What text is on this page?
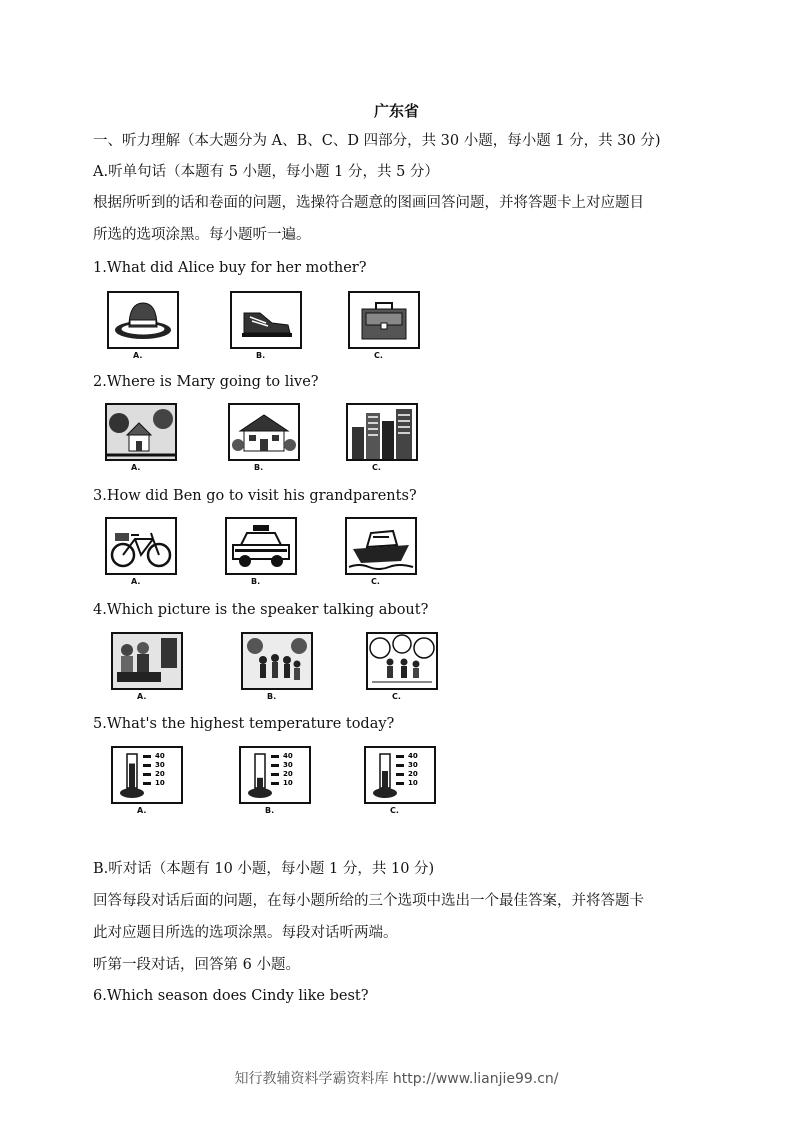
广东省
一、听力理解（本大题分为 A、B、C、D 四部分，共 30 小题，每小题 1 分，共 30 分)
A.听单句话（本题有 5 小题，每小题 1 分，共 5 分）
根据所听到的话和卷面的问题，选操符合题意的图画回答问题，并将答题卡上对应题目
所选的选项涂黑。每小题听一遍。
1.What did Alice buy for her mother?
A.	B.	C.
2.Where is Mary going to live?
A.	B.	C.
3.How did Ben go to visit his grandparents?
A.	B.	C.
4.Which picture is the speaker talking about?
A.	B.	C.
5.What's the highest temperature today?
40
30
20
10
A.
40
30
20
10
B.
40
30
20
10
C.
B.听对话（本题有 10 小题，每小题 1 分，共 10 分)
回答每段对话后面的问题，在每小题所给的三个选项中选出一个最佳答案，并将答题卡
此对应题目所选的选项涂黑。每段对话听两端。
听第一段对话，回答第 6 小题。
6.Which season does Cindy like best?
知行教辅资料学霸资料库 http://www.lianjie99.cn/
